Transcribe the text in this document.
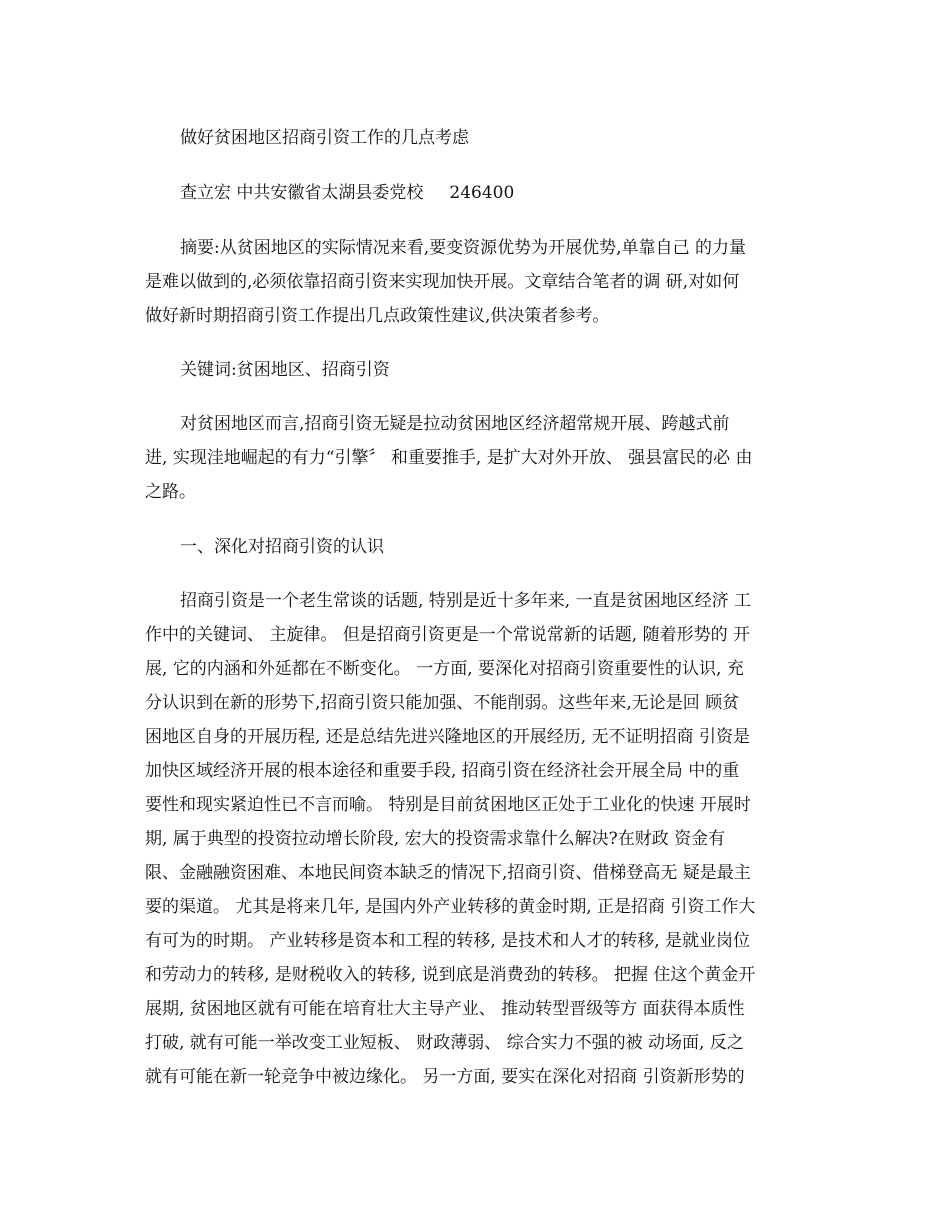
做好贫困地区招商引资工作的几点考虑
查立宏 中共安徽省太湖县委党校 246400
摘要:从贫困地区的实际情况来看,要变资源优势为开展优势,单靠自己 的力量
是难以做到的,必须依靠招商引资来实现加快开展。文章结合笔者的调 研,对如何
做好新时期招商引资工作提出几点政策性建议,供决策者参考。
关键词:贫困地区、招商引资
对贫困地区而言,招商引资无疑是拉动贫困地区经济超常规开展、跨越式前
进, 实现洼地崛起的有力“引擎〞 和重要推手, 是扩大对外开放、 强县富民的必 由
之路。
一、深化对招商引资的认识
招商引资是一个老生常谈的话题, 特别是近十多年来, 一直是贫困地区经济 工
作中的关键词、 主旋律。 但是招商引资更是一个常说常新的话题, 随着形势的 开
展, 它的内涵和外延都在不断变化。 一方面, 要深化对招商引资重要性的认识, 充
分认识到在新的形势下,招商引资只能加强、不能削弱。这些年来,无论是回 顾贫
困地区自身的开展历程, 还是总结先进兴隆地区的开展经历, 无不证明招商 引资是
加快区域经济开展的根本途径和重要手段, 招商引资在经济社会开展全局 中的重
要性和现实紧迫性已不言而喻。 特别是目前贫困地区正处于工业化的快速 开展时
期, 属于典型的投资拉动增长阶段, 宏大的投资需求靠什么解决?在财政 资金有
限、金融融资困难、本地民间资本缺乏的情况下,招商引资、借梯登高无 疑是最主
要的渠道。 尤其是将来几年, 是国内外产业转移的黄金时期, 正是招商 引资工作大
有可为的时期。 产业转移是资本和工程的转移, 是技术和人才的转移, 是就业岗位
和劳动力的转移, 是财税收入的转移, 说到底是消费劲的转移。 把握 住这个黄金开
展期, 贫困地区就有可能在培育壮大主导产业、 推动转型晋级等方 面获得本质性
打破, 就有可能一举改变工业短板、 财政薄弱、 综合实力不强的被 动场面, 反之
就有可能在新一轮竞争中被边缘化。 另一方面, 要实在深化对招商 引资新形势的
